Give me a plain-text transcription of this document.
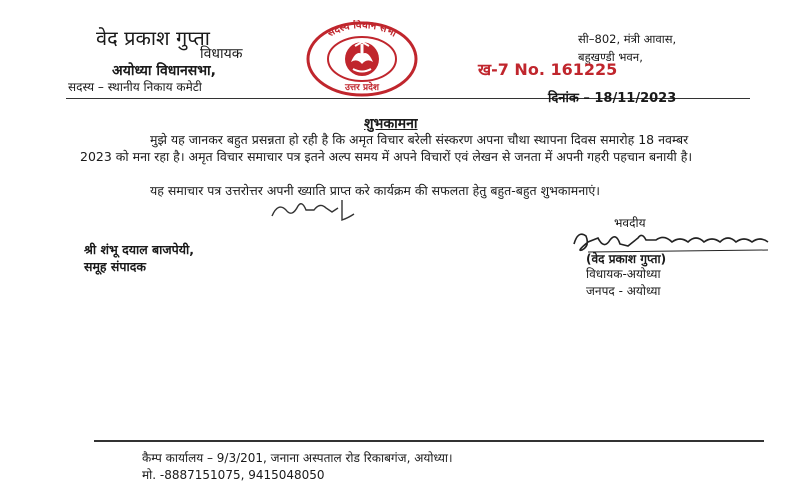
वेद प्रकाश गुप्ता
विधायक
अयोध्या विधानसभा,
सदस्य – स्थानीय निकाय कमेटी
सदस्य विधान सभा
उत्तर प्रदेश
सी–802, मंत्री आवास,
बहुखण्डी भवन,
ख-7 No. 161225
दिनांक – 18/11/2023
शुभकामना
मुझे यह जानकर बहुत प्रसन्नता हो रही है कि अमृत विचार बरेली संस्करण अपना चौथा स्थापना दिवस समारोह 18 नवम्बर 2023 को मना रहा है। अमृत विचार समाचार पत्र इतने अल्प समय में अपने विचारों एवं लेखन से जनता में अपनी गहरी पहचान बनायी है।
यह समाचार पत्र उत्तरोत्तर अपनी ख्याति प्राप्त करे कार्यक्रम की सफलता हेतु बहुत-बहुत शुभकामनाएं।
भवदीय
(वेद प्रकाश गुप्ता)
विधायक-अयोध्या
जनपद - अयोध्या
श्री शंभू दयाल बाजपेयी,
समूह संपादक
कैम्प कार्यालय – 9/3/201, जनाना अस्पताल रोड रिकाबगंज, अयोध्या।
मो. -8887151075, 9415048050
